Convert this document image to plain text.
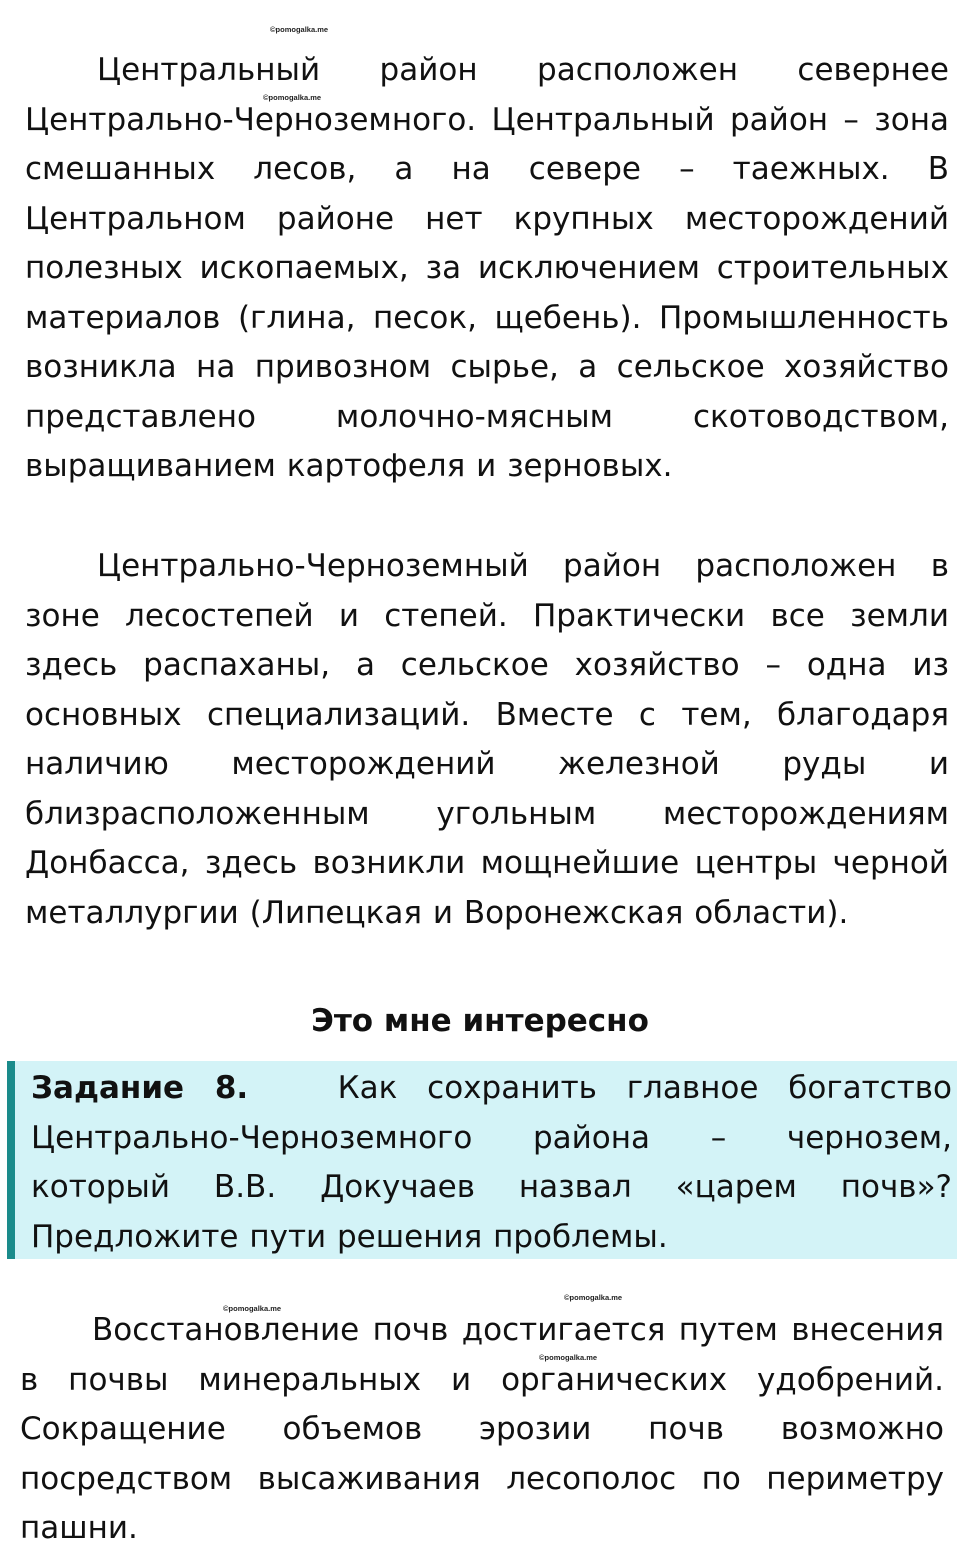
©pomogalka.me
©pomogalka.me
©pomogalka.me
©pomogalka.me
©pomogalka.me

Центральный район расположен севернее Центрально-Черноземного. Центральный район – зона смешанных лесов, а на севере – таежных. В Центральном районе нет крупных месторождений полезных ископаемых, за исключением строительных материалов (глина, песок, щебень). Промышленность возникла на привозном сырье, а сельское хозяйство представлено молочно-мясным скотоводством, выращиванием картофеля и зерновых.

Центрально-Черноземный район расположен в зоне лесостепей и степей. Практически все земли здесь распаханы, а сельское хозяйство – одна из основных специализаций. Вместе с тем, благодаря наличию месторождений железной руды и близрасположенным угольным месторождениям Донбасса, здесь возникли мощнейшие центры черной металлургии (Липецкая и Воронежская области).

Это мне интересно

Задание 8.	Как сохранить главное богатство Центрально-Черноземного района – чернозем, который В.В. Докучаев назвал «царем почв»? Предложите пути решения проблемы.

Восстановление почв достигается путем внесения в почвы минеральных и органических удобрений. Сокращение объемов эрозии почв возможно посредством высаживания лесополос по периметру пашни.
